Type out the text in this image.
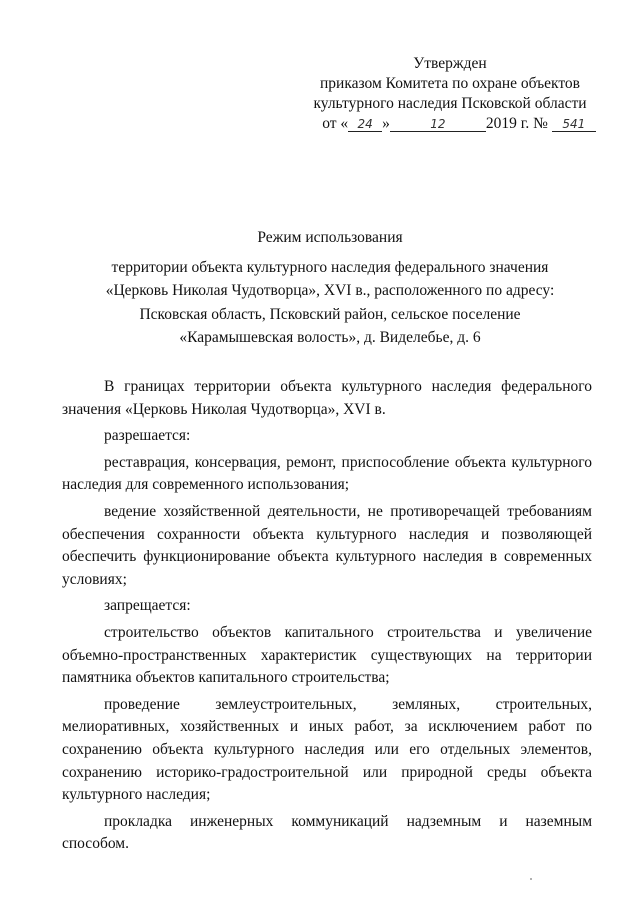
Утвержден
приказом Комитета по охране объектов
культурного наследия Псковской области
от « 24 »	12	2019 г. № 541
Режим использования
территории объекта культурного наследия федерального значения
«Церковь Николая Чудотворца», XVI в., расположенного по адресу:
Псковская область, Псковский район, сельское поселение
«Карамышевская волость», д. Виделебье, д. 6

В границах территории объекта культурного наследия федерального значения «Церковь Николая Чудотворца», XVI в.

разрешается:

реставрация, консервация, ремонт, приспособление объекта культурного наследия для современного использования;

ведение хозяйственной деятельности, не противоречащей требованиям обеспечения сохранности объекта культурного наследия и позволяющей обеспечить функционирование объекта культурного наследия в современных условиях;

запрещается:

строительство объектов капитального строительства и увеличение объемно-пространственных характеристик существующих на территории памятника объектов капитального строительства;

проведение землеустроительных, земляных, строительных, мелиоративных, хозяйственных и иных работ, за исключением работ по сохранению объекта культурного наследия или его отдельных элементов, сохранению историко-градостроительной или природной среды объекта культурного наследия;

прокладка инженерных коммуникаций надземным и наземным способом.
